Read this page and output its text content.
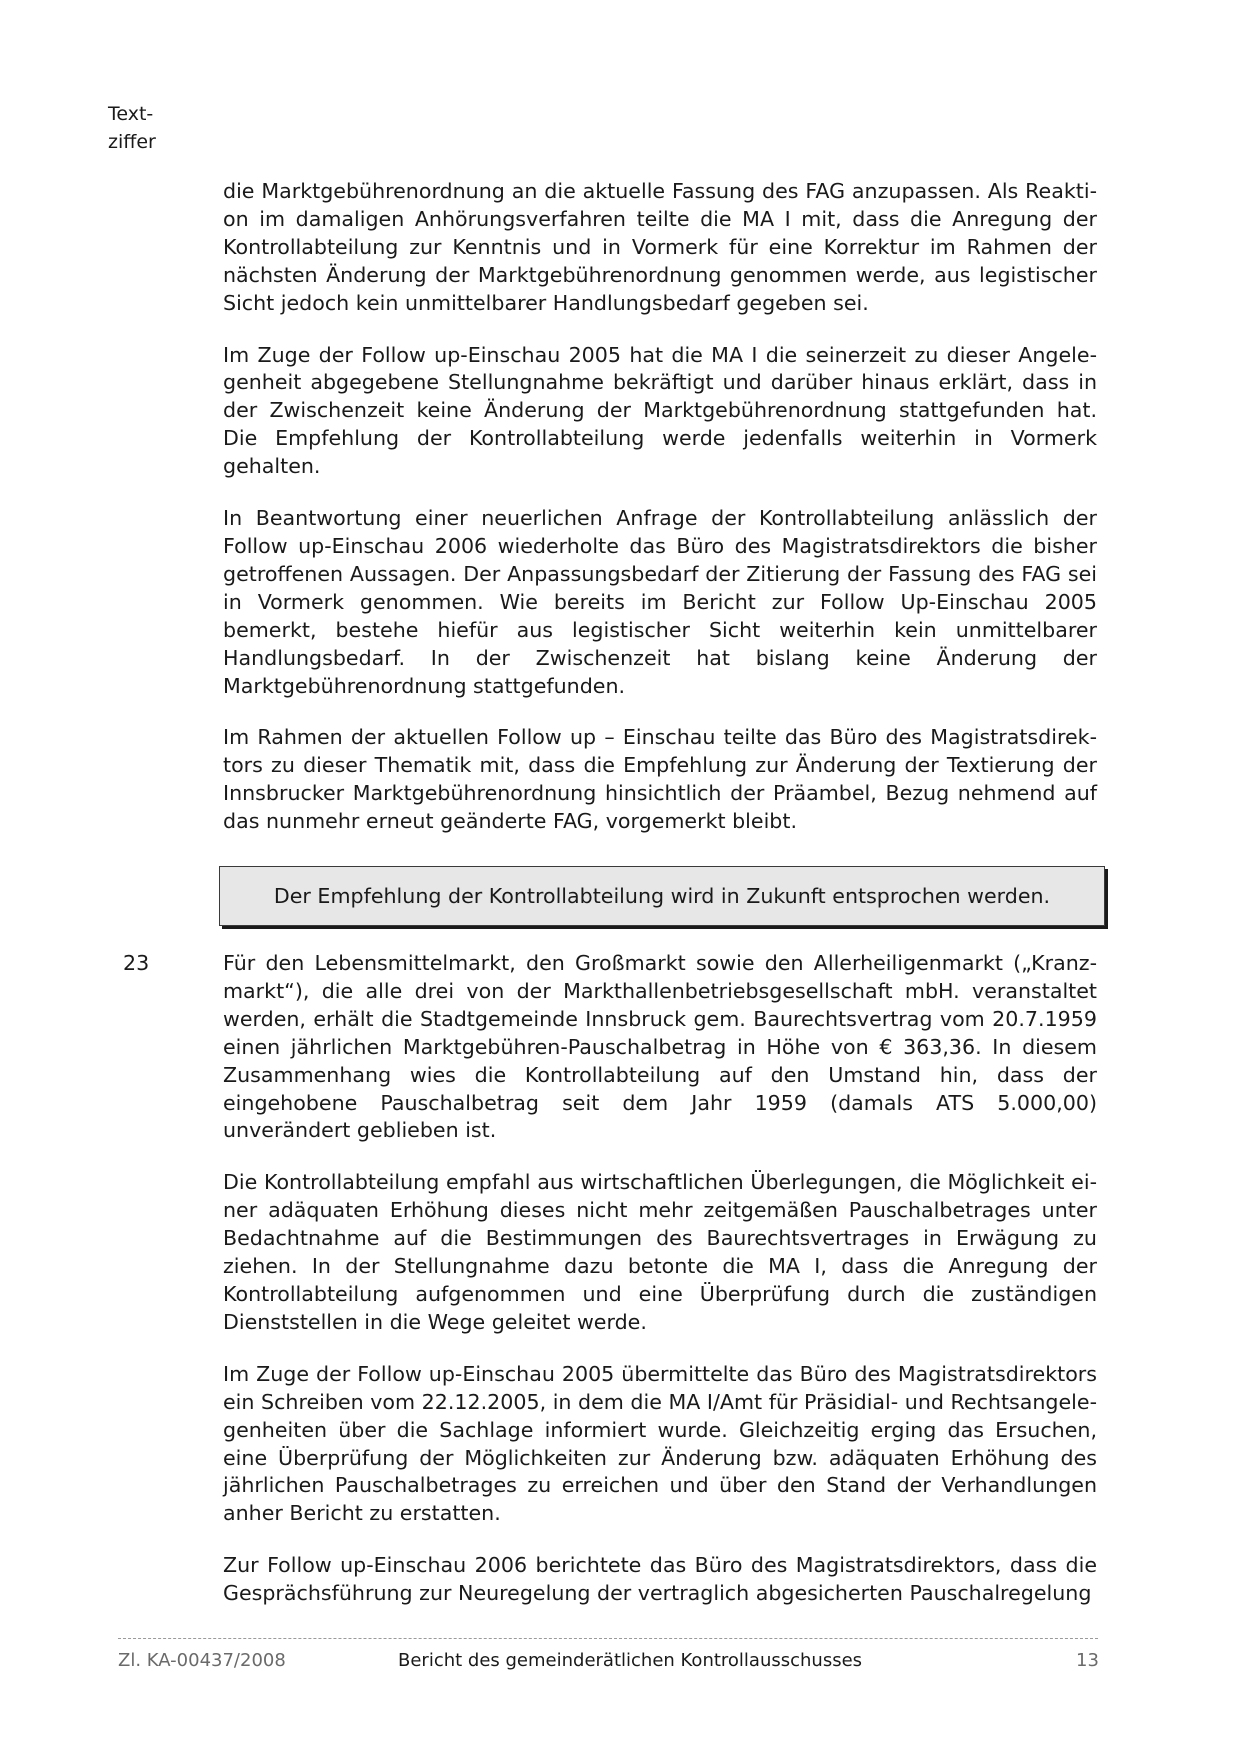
Text-
ziffer

die Marktgebührenordnung an die aktuelle Fassung des FAG anzupassen. Als Reaktion im damaligen Anhörungsverfahren teilte die MA I mit, dass die Anregung der Kontrollabteilung zur Kenntnis und in Vormerk für eine Korrektur im Rahmen der nächsten Änderung der Marktgebührenordnung genommen werde, aus legistischer Sicht jedoch kein unmittelbarer Handlungsbedarf gegeben sei.

Im Zuge der Follow up-Einschau 2005 hat die MA I die seinerzeit zu dieser Angelegenheit abgegebene Stellungnahme bekräftigt und darüber hinaus erklärt, dass in der Zwischenzeit keine Änderung der Marktgebührenordnung stattgefunden hat. Die Empfehlung der Kontrollabteilung werde jedenfalls weiterhin in Vormerk gehalten.

In Beantwortung einer neuerlichen Anfrage der Kontrollabteilung anlässlich der Follow up-Einschau 2006 wiederholte das Büro des Magistratsdirektors die bisher getroffenen Aussagen. Der Anpassungsbedarf der Zitierung der Fassung des FAG sei in Vormerk genommen. Wie bereits im Bericht zur Follow Up-Einschau 2005 bemerkt, bestehe hiefür aus legistischer Sicht weiterhin kein unmittelbarer Handlungsbedarf. In der Zwischenzeit hat bislang keine Änderung der Marktgebührenordnung stattgefunden.

Im Rahmen der aktuellen Follow up – Einschau teilte das Büro des Magistratsdirektors zu dieser Thematik mit, dass die Empfehlung zur Änderung der Textierung der Innsbrucker Marktgebührenordnung hinsichtlich der Präambel, Bezug nehmend auf das nunmehr erneut geänderte FAG, vorgemerkt bleibt.

Der Empfehlung der Kontrollabteilung wird in Zukunft entsprochen werden.
23	Für den Lebensmittelmarkt, den Großmarkt sowie den Allerheiligenmarkt („Kranzmarkt“), die alle drei von der Markthallenbetriebsgesellschaft mbH. veranstaltet werden, erhält die Stadtgemeinde Innsbruck gem. Baurechtsvertrag vom 20.7.1959 einen jährlichen Marktgebühren-Pauschalbetrag in Höhe von € 363,36. In diesem Zusammenhang wies die Kontrollabteilung auf den Umstand hin, dass der eingehobene Pauschalbetrag seit dem Jahr 1959 (damals ATS 5.000,00) unverändert geblieben ist.

Die Kontrollabteilung empfahl aus wirtschaftlichen Überlegungen, die Möglichkeit einer adäquaten Erhöhung dieses nicht mehr zeitgemäßen Pauschalbetrages unter Bedachtnahme auf die Bestimmungen des Baurechtsvertrages in Erwägung zu ziehen. In der Stellungnahme dazu betonte die MA I, dass die Anregung der Kontrollabteilung aufgenommen und eine Überprüfung durch die zuständigen Dienststellen in die Wege geleitet werde.

Im Zuge der Follow up-Einschau 2005 übermittelte das Büro des Magistratsdirektors ein Schreiben vom 22.12.2005, in dem die MA I/Amt für Präsidial- und Rechtsangelegenheiten über die Sachlage informiert wurde. Gleichzeitig erging das Ersuchen, eine Überprüfung der Möglichkeiten zur Änderung bzw. adäquaten Erhöhung des jährlichen Pauschalbetrages zu erreichen und über den Stand der Verhandlungen anher Bericht zu erstatten.

Zur Follow up-Einschau 2006 berichtete das Büro des Magistratsdirektors, dass die Gesprächsführung zur Neuregelung der vertraglich abgesicherten Pauschalregelung

Zl. KA-00437/2008	Bericht des gemeinderätlichen Kontrollausschusses	13
